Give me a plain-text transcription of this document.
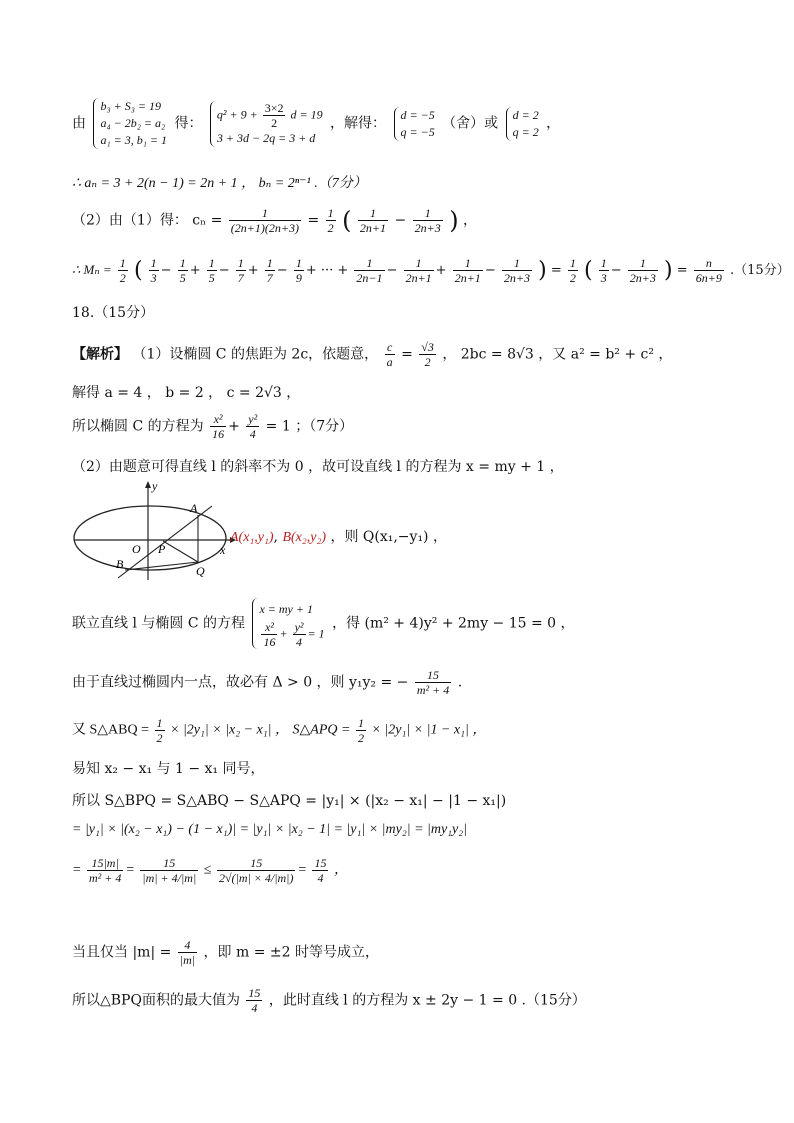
由 b₃ + S₃ = 19
a₄ − 2b₂ = a₂
a₁ = 3, b₁ = 1 得： $q^2 + 9 + \frac{3\times 2}{2}$ d = 19
3 + 3d − 2q = 3 + d ，解得： d = −5
q = −5 （舍）或 d = 2
q = 2 ，
∴ aₙ = 3 + 2(n − 1) = 2n + 1 ， bₙ = 2ⁿ⁻¹ .（7分）
（2）由（1）得： $c_n = \frac{1}{(2n+1)(2n+3)} = \frac{1}{2}$ ( $\frac{1}{2n+1} - \frac{1}{2n+3}$ ) ，
∴ $M_n = \frac{1}{2}$ ( $\frac{1}{3} - \frac{1}{5} + \frac{1}{5} - \frac{1}{7} + \frac{1}{7} - \frac{1}{9}$ + ··· + $\frac{1}{2n-1} - \frac{1}{2n+1} + \frac{1}{2n+1} - \frac{1}{2n+3}$ ) = $\frac{1}{2}$ ( $\frac{1}{3} - \frac{1}{2n+3}$ ) = $\frac{n}{6n+9} .(15$分）
18.（15分）
【解析】 （1）设椭圆 C 的焦距为 2c，依题意， $\frac{c}{a} = \frac{√3}{2}$ ， 2bc = 8√3 ，又 a² = b² + c² ，
解得 a = 4 ， b = 2 ， c = 2√3 ，
所以椭圆 C 的方程为 $\frac{\text{x²}}{16} + \frac{\text{y²}}{4} = 1$ ；（7分）
（2）由题意可得直线 l 的斜率不为 0 ，故可设直线 l 的方程为 x = my + 1 ，
y
x
O P
A
B	Q
A(x₁,y₁), B(x₂,y₂) ，则 Q(x₁,−y₁) ，
联立直线 l 与椭圆 C 的方程 x = my + 1

$\frac{\text{x²}}{16} + \frac{\text{y²}}{4} = 1$ ，得 (m² + 4)y² + 2my − 15 = 0 ，
由于直线过椭圆内一点，故必有 Δ > 0 ，则 y₁y₂ = − $\frac{15}{\text{m² + 4}}$ .
又 S△ABQ = $\frac{1}{2} \times |2y_1| \times |x_2 - x_1|$ ， S△APQ = $\frac{1}{2} \times |2y_1| \times |1 - x_1|$ ，
易知 x₂ − x₁ 与 1 − x₁ 同号，
所以 S△BPQ = S△ABQ − S△APQ = |y₁| × (|x₂ − x₁| − |1 − x₁|)
= |y₁| × |(x₂ − x₁) − (1 − x₁)| = |y₁| × |x₂ − 1| = |y₁| × |my₂| = |my₁y₂|
= $\frac{15|m|}{\text{m² + 4}} = \frac{15}{|m| + 4/|m|} \le \frac{15}{2√(|m| \times 4/|m|)} = \frac{15}{4}$ ，
当且仅当 $|m| = \frac{4}{|m|}$ ，即 m = ±2 时等号成立，
所以△BPQ面积的最大值为 $\frac{15}{4}$ ，此时直线 l 的方程为 x ± 2y − 1 = 0 .（15分）
